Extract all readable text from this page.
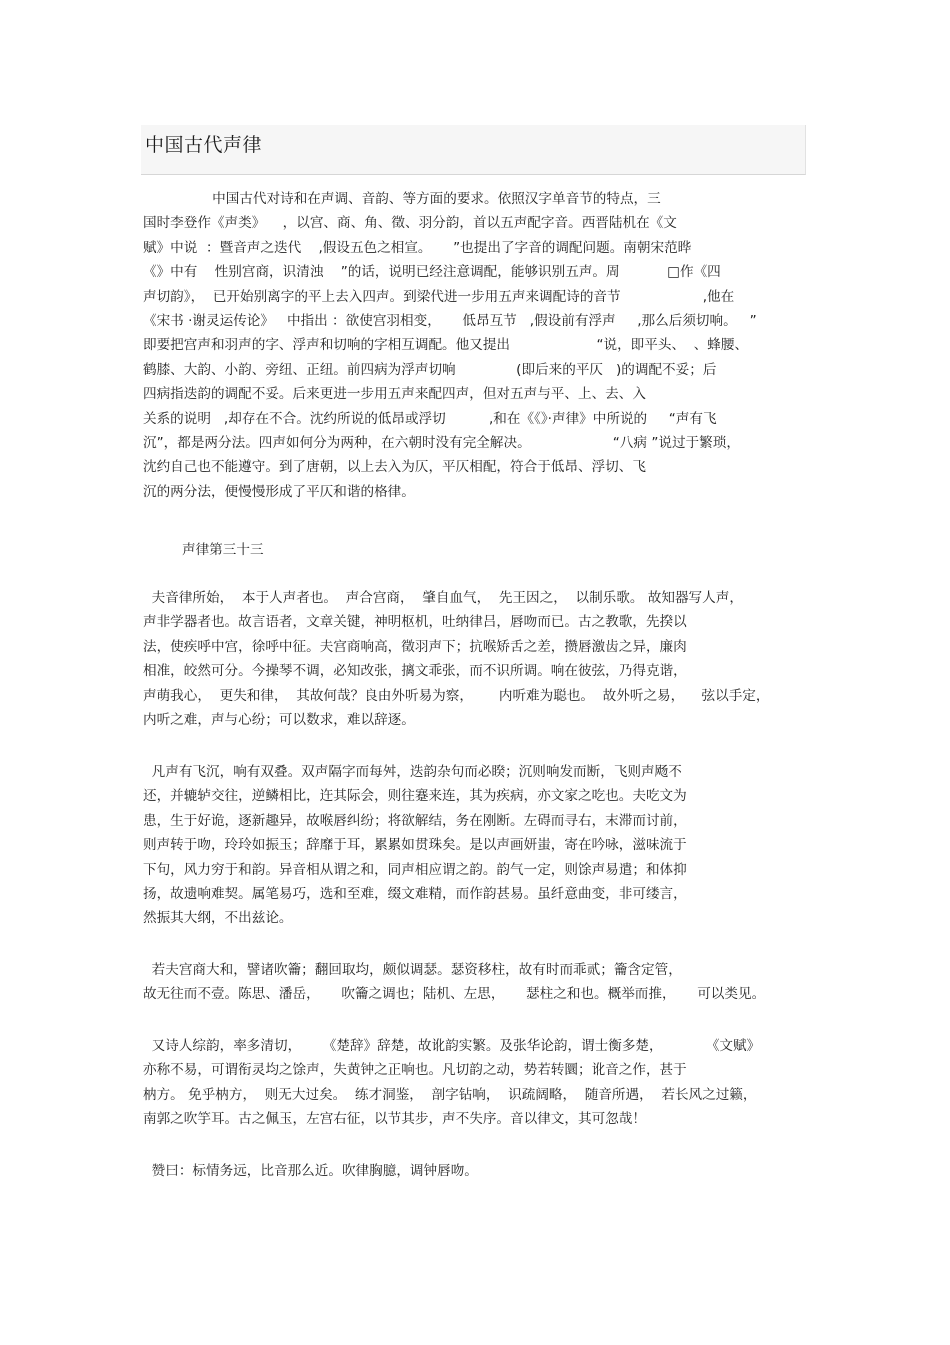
中国古代声律
中国古代对诗和在声调、音韵、等方面的要求。依照汉字单音节的特点，三
国时李登作《声类》    ，以宫、商、角、徵、羽分韵，首以五声配字音。西晋陆机在《文
赋》中说  ：暨音声之迭代    ,假设五色之相宣。     ”也提出了字音的调配问题。南朝宋范晔
《》中有    性别宫商，识清浊    ”的话，说明已经注意调配，能够识别五声。周           □作《四
声切韵》，  已开始别离字的平上去入四声。到梁代进一步用五声来调配诗的音节                   ,他在
《宋书 ·谢灵运传论》   中指出 ：欲使宫羽相变，     低昂互节   ,假设前有浮声     ,那么后须切响。   ”
即要把宫声和羽声的字、浮声和切响的字相互调配。他又提出                    “说，即平头、  、蜂腰、
鹤膝、大韵、小韵、旁纽、正纽。前四病为浮声切响              (即后来的平仄   )的调配不妥；后
四病指迭韵的调配不妥。后来更进一步用五声来配四声，但对五声与平、上、去、入
关系的说明   ,却存在不合。沈约所说的低昂或浮切          ,和在《《》·声律》中所说的     “声有飞
沉”，都是两分法。四声如何分为两种，在六朝时没有完全解决。                   “八病 ”说过于繁琐，
沈约自己也不能遵守。到了唐朝，以上去入为仄，平仄相配，符合于低昂、浮切、飞
沉的两分法，便慢慢形成了平仄和谐的格律。
声律第三十三
夫音律所始，  本于人声者也。  声合宫商，  肇自血气，  先王因之，  以制乐歌。 故知器写人声，
声非学器者也。故言语者，文章关键，神明枢机，吐纳律吕，唇吻而已。古之教歌，先揆以
法，使疾呼中宫，徐呼中征。夫宫商响高，徵羽声下；抗喉矫舌之差，攒唇激齿之异，廉肉
相准，皎然可分。今操琴不调，必知改张，摛文乖张，而不识所调。响在彼弦，乃得克谐，
声萌我心，  更失和律，  其故何哉？良由外听易为察，      内听难为聪也。  故外听之易，    弦以手定，
内听之难，声与心纷；可以数求，难以辞逐。
凡声有飞沉，响有双叠。双声隔字而每舛，迭韵杂句而必睽；沉则响发而断，飞则声飏不
还，并辘轳交往，逆鳞相比，迕其际会，则往蹇来连，其为疾病，亦文家之吃也。夫吃文为
患，生于好诡，逐新趣异，故喉唇纠纷；将欲解结，务在刚断。左碍而寻右，末滞而讨前，
则声转于吻，玲玲如振玉；辞靡于耳，累累如贯珠矣。是以声画妍蚩，寄在吟咏，滋味流于
下句，风力穷于和韵。异音相从谓之和，同声相应谓之韵。韵气一定，则馀声易遣；和体抑
扬，故遗响难契。属笔易巧，选和至难，缀文难精，而作韵甚易。虽纤意曲变，非可缕言，
然振其大纲，不出兹论。
若夫宫商大和，譬诸吹籥；翻回取均，颇似调瑟。瑟资移柱，故有时而乖贰；籥含定管，
故无往而不壹。陈思、潘岳，     吹籥之调也；陆机、左思，     瑟柱之和也。概举而推，     可以类见。
又诗人综韵，率多清切，     《楚辞》辞楚，故讹韵实繁。及张华论韵，谓士衡多楚，          《文赋》
亦称不易，可谓衔灵均之馀声，失黄钟之正响也。凡切韵之动，势若转圜；讹音之作，甚于
枘方。 免乎枘方，  则无大过矣。  练才洞鉴，  剖字钻响，  识疏阔略，  随音所遇，  若长风之过籁，
南郭之吹竽耳。古之佩玉，左宫右征，以节其步，声不失序。音以律文，其可忽哉！
赞曰：标情务远，比音那么近。吹律胸臆，调钟唇吻。
